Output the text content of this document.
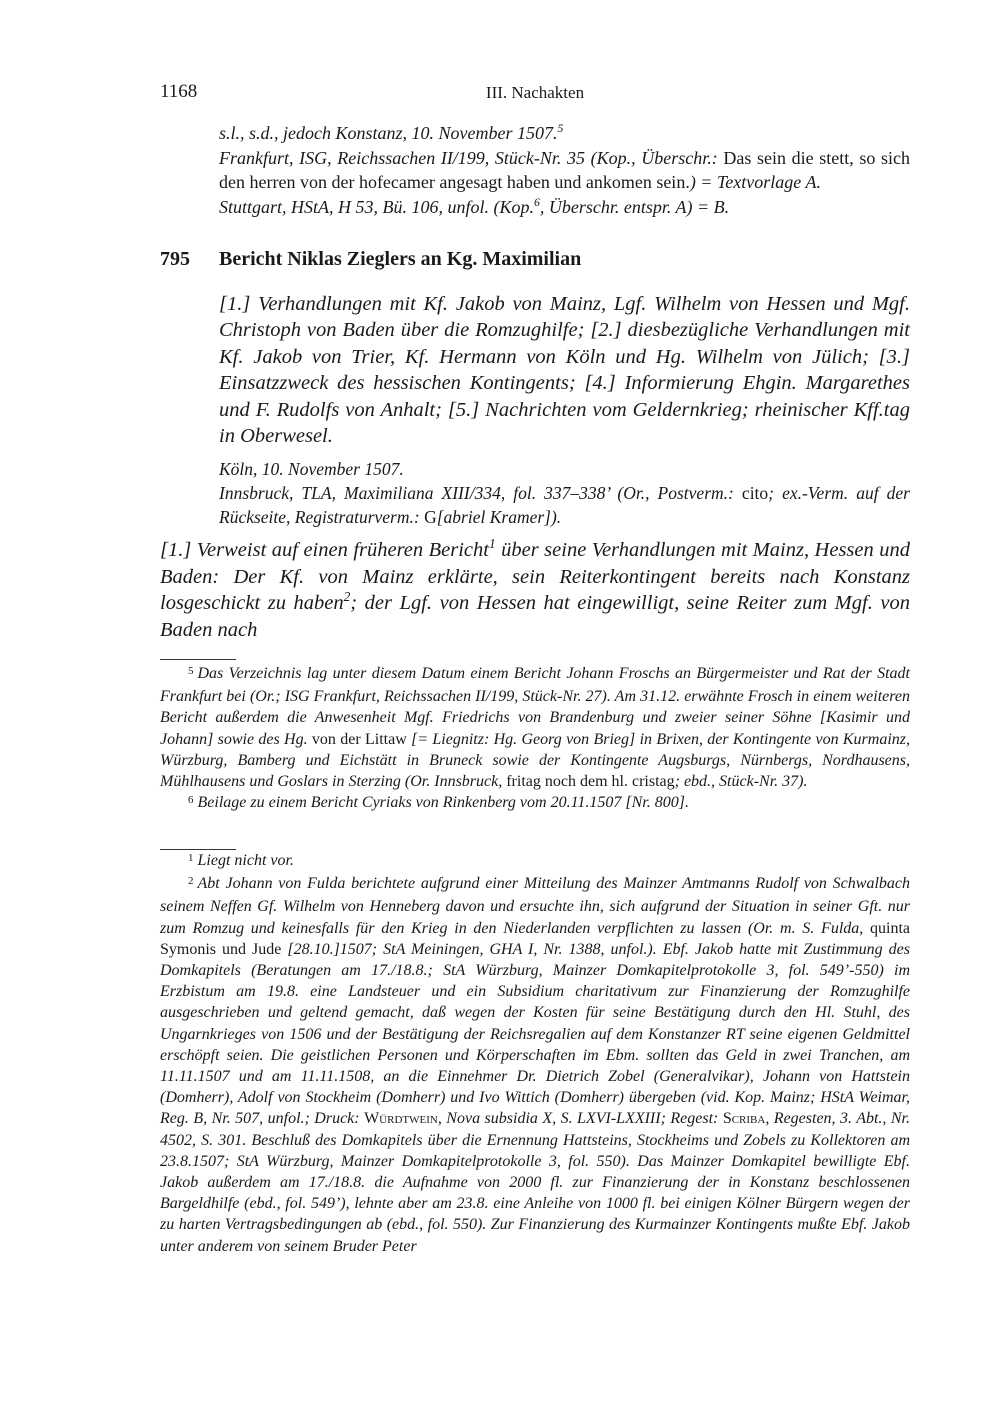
1168	III. Nachakten

s.l., s.d., jedoch Konstanz, 10. November 1507.$^5$

Frankfurt, ISG, Reichssachen II/199, Stück-Nr. 35 (Kop., Überschr.: Das sein die stett, so sich den herren von der hofecamer angesagt haben und ankomen sein.) = Textvorlage A.

Stuttgart, HStA, H 53, Bü. 106, unfol. (Kop.$^6$, Überschr. entspr. A) = B.

795 Bericht Niklas Zieglers an Kg. Maximilian

[1.] Verhandlungen mit Kf. Jakob von Mainz, Lgf. Wilhelm von Hessen und Mgf. Christoph von Baden über die Romzughilfe; [2.] diesbezügliche Verhandlungen mit Kf. Jakob von Trier, Kf. Hermann von Köln und Hg. Wilhelm von Jülich; [3.] Einsatzzweck des hessischen Kontingents; [4.] Informierung Ehgin. Margarethes und F. Rudolfs von Anhalt; [5.] Nachrichten vom Geldernkrieg; rheinischer Kff.tag in Oberwesel.

Köln, 10. November 1507.

Innsbruck, TLA, Maximiliana XIII/334, fol. 337–338’ (Or., Postverm.: cito; ex.-Verm. auf der Rückseite, Registraturverm.: G[abriel Kramer]).

[1.] Verweist auf einen früheren Bericht$^1$ über seine Verhandlungen mit Mainz, Hessen und Baden: Der Kf. von Mainz erklärte, sein Reiterkontingent bereits nach Konstanz losgeschickt zu haben$^2$; der Lgf. von Hessen hat eingewilligt, seine Reiter zum Mgf. von Baden nach

$^5$ Das Verzeichnis lag unter diesem Datum einem Bericht Johann Froschs an Bürgermeister und Rat der Stadt Frankfurt bei (Or.; ISG Frankfurt, Reichssachen II/199, Stück-Nr. 27). Am 31.12. erwähnte Frosch in einem weiteren Bericht außerdem die Anwesenheit Mgf. Friedrichs von Brandenburg und zweier seiner Söhne [Kasimir und Johann] sowie des Hg. von der Littaw [= Liegnitz: Hg. Georg von Brieg] in Brixen, der Kontingente von Kurmainz, Würzburg, Bamberg und Eichstätt in Bruneck sowie der Kontingente Augsburgs, Nürnbergs, Nordhausens, Mühlhausens und Goslars in Sterzing (Or. Innsbruck, fritag noch dem hl. cristag; ebd., Stück-Nr. 37).

$^6$ Beilage zu einem Bericht Cyriaks von Rinkenberg vom 20.11.1507 [Nr. 800].

$^1$ Liegt nicht vor.

$^2$ Abt Johann von Fulda berichtete aufgrund einer Mitteilung des Mainzer Amtmanns Rudolf von Schwalbach seinem Neffen Gf. Wilhelm von Henneberg davon und ersuchte ihn, sich aufgrund der Situation in seiner Gft. nur zum Romzug und keinesfalls für den Krieg in den Niederlanden verpflichten zu lassen (Or. m. S. Fulda, quinta Symonis und Jude [28.10.]1507; StA Meiningen, GHA I, Nr. 1388, unfol.). Ebf. Jakob hatte mit Zustimmung des Domkapitels (Beratungen am 17./18.8.; StA Würzburg, Mainzer Domkapitelprotokolle 3, fol. 549’-550) im Erzbistum am 19.8. eine Landsteuer und ein Subsidium charitativum zur Finanzierung der Romzughilfe ausgeschrieben und geltend gemacht, daß wegen der Kosten für seine Bestätigung durch den Hl. Stuhl, des Ungarnkrieges von 1506 und der Bestätigung der Reichsregalien auf dem Konstanzer RT seine eigenen Geldmittel erschöpft seien. Die geistlichen Personen und Körperschaften im Ebm. sollten das Geld in zwei Tranchen, am 11.11.1507 und am 11.11.1508, an die Einnehmer Dr. Dietrich Zobel (Generalvikar), Johann von Hattstein (Domherr), Adolf von Stockheim (Domherr) und Ivo Wittich (Domherr) übergeben (vid. Kop. Mainz; HStA Weimar, Reg. B, Nr. 507, unfol.; Druck: Würdtwein, Nova subsidia X, S. LXVI-LXXIII; Regest: Scriba, Regesten, 3. Abt., Nr. 4502, S. 301. Beschluß des Domkapitels über die Ernennung Hattsteins, Stockheims und Zobels zu Kollektoren am 23.8.1507; StA Würzburg, Mainzer Domkapitelprotokolle 3, fol. 550). Das Mainzer Domkapitel bewilligte Ebf. Jakob außerdem am 17./18.8. die Aufnahme von 2000 fl. zur Finanzierung der in Konstanz beschlossenen Bargeldhilfe (ebd., fol. 549’), lehnte aber am 23.8. eine Anleihe von 1000 fl. bei einigen Kölner Bürgern wegen der zu harten Vertragsbedingungen ab (ebd., fol. 550). Zur Finanzierung des Kurmainzer Kontingents mußte Ebf. Jakob unter anderem von seinem Bruder Peter
